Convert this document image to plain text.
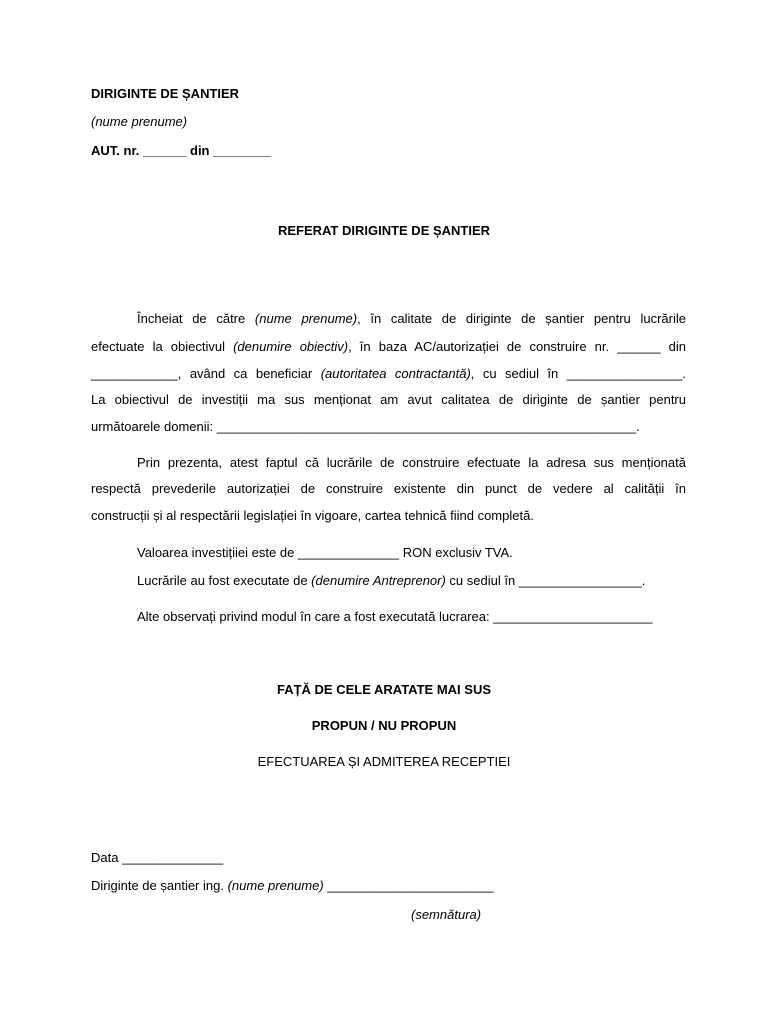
DIRIGINTE DE ȘANTIER

(nume prenume)

AUT. nr. ______ din ________

REFERAT DIRIGINTE DE ȘANTIER

Încheiat de către (nume prenume), în calitate de diriginte de șantier pentru lucrările

efectuate la obiectivul (denumire obiectiv), în baza AC/autorizației de construire nr. ______ din

____________, având ca beneficiar (autoritatea contractantă), cu sediul în ________________.

La obiectivul de investiții ma sus menționat am avut calitatea de diriginte de șantier pentru

următoarele domenii: __________________________________________________________.

Prin prezenta, atest faptul că lucrările de construire efectuate la adresa sus menționată

respectă prevederile autorizației de construire existente din punct de vedere al calității în

construcții și al respectării legislației în vigoare, cartea tehnică fiind completă.

Valoarea investițiiei este de ______________ RON exclusiv TVA.

Lucrările au fost executate de (denumire Antreprenor) cu sediul în _________________.

Alte observați privind modul în care a fost executată lucrarea: ______________________

FAȚĂ DE CELE ARATATE MAI SUS

PROPUN / NU PROPUN

EFECTUAREA ȘI ADMITEREA RECEPTIEI

Data ______________

Diriginte de șantier ing. (nume prenume) _______________________

(semnătura)
